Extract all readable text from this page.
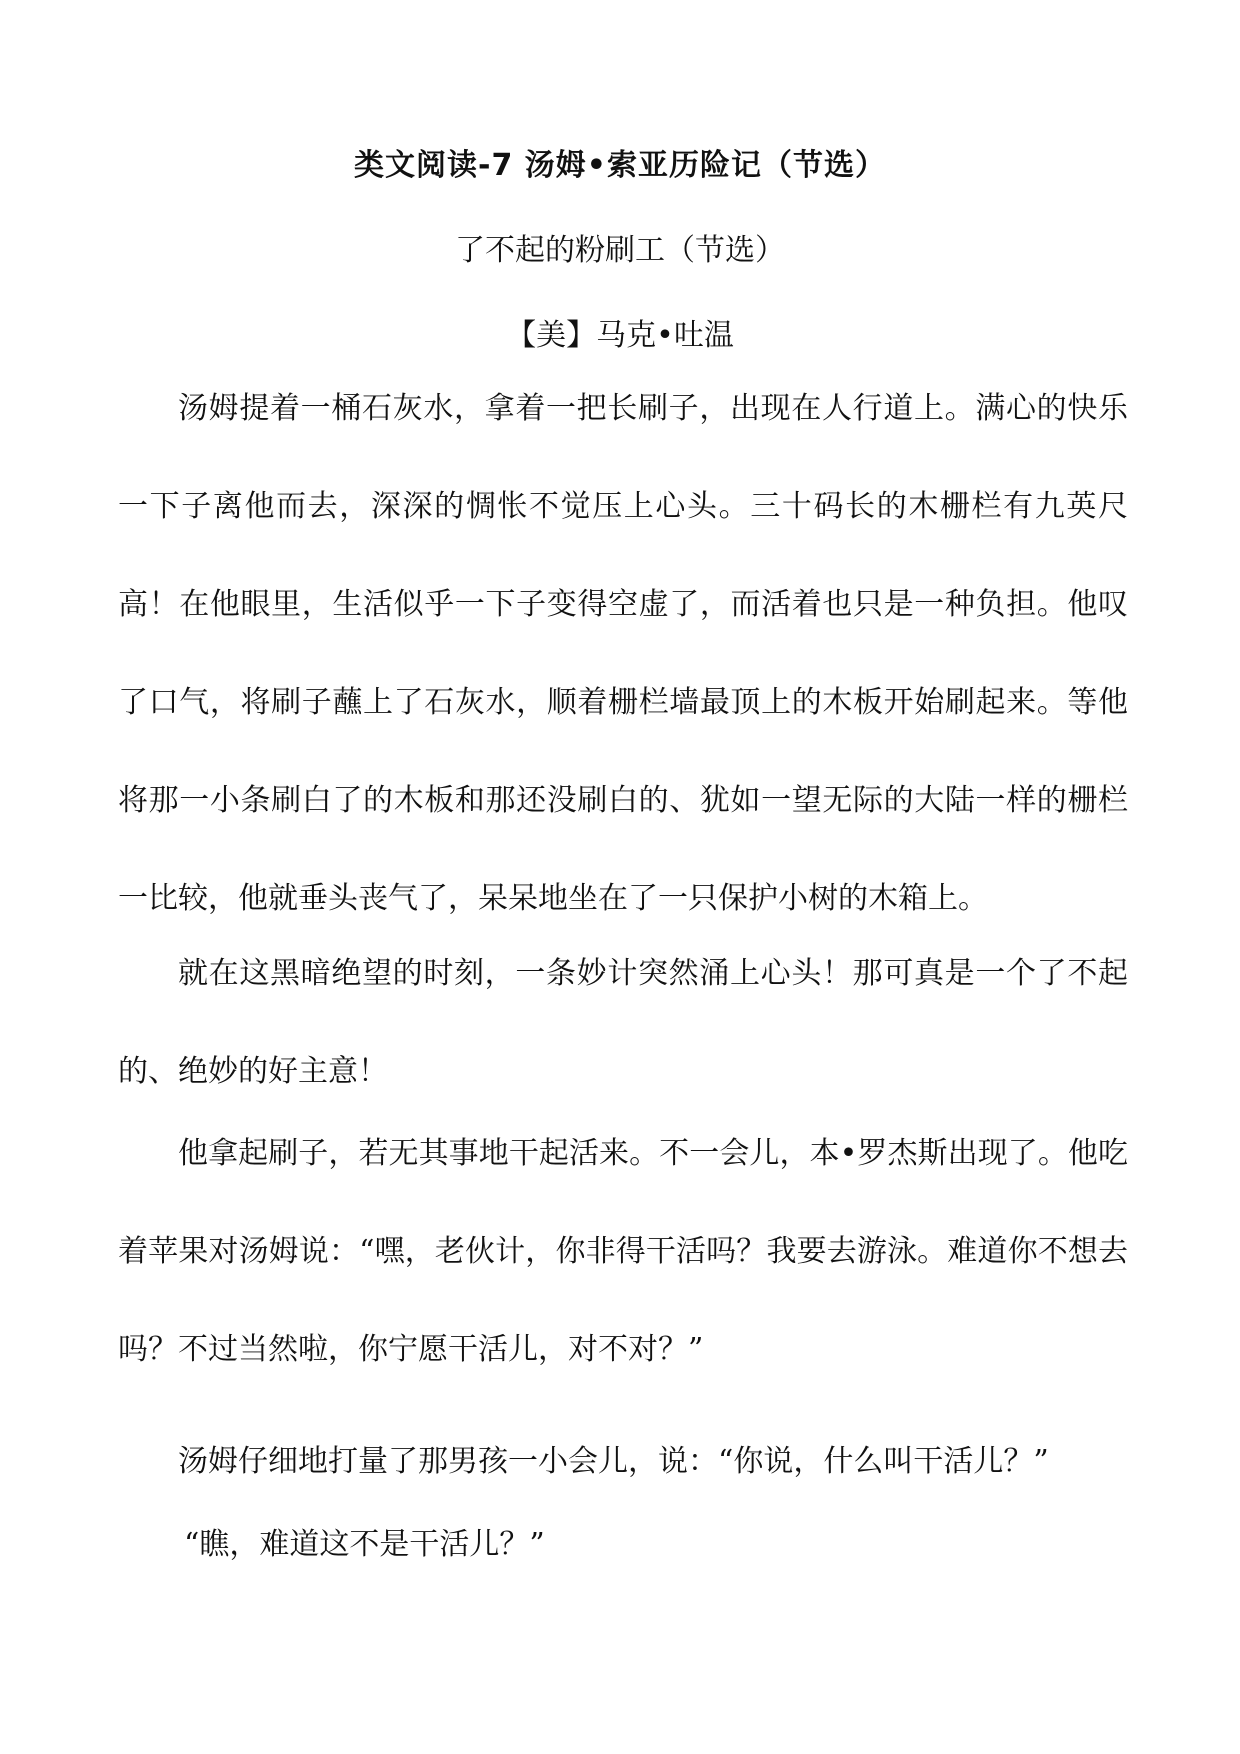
类文阅读-7 汤姆•索亚历险记（节选）
了不起的粉刷工（节选）
【美】马克•吐温

汤姆提着一桶石灰水，拿着一把长刷子，出现在人行道上。满心的快乐一下子离他而去，深深的惆怅不觉压上心头。三十码长的木栅栏有九英尺高！在他眼里，生活似乎一下子变得空虚了，而活着也只是一种负担。他叹了口气，将刷子蘸上了石灰水，顺着栅栏墙最顶上的木板开始刷起来。等他将那一小条刷白了的木板和那还没刷白的、犹如一望无际的大陆一样的栅栏一比较，他就垂头丧气了，呆呆地坐在了一只保护小树的木箱上。

就在这黑暗绝望的时刻，一条妙计突然涌上心头！那可真是一个了不起的、绝妙的好主意！

他拿起刷子，若无其事地干起活来。不一会儿，本•罗杰斯出现了。他吃着苹果对汤姆说：“嘿，老伙计，你非得干活吗？我要去游泳。难道你不想去吗？不过当然啦，你宁愿干活儿，对不对？”

汤姆仔细地打量了那男孩一小会儿，说：“你说，什么叫干活儿？”

“瞧，难道这不是干活儿？”
